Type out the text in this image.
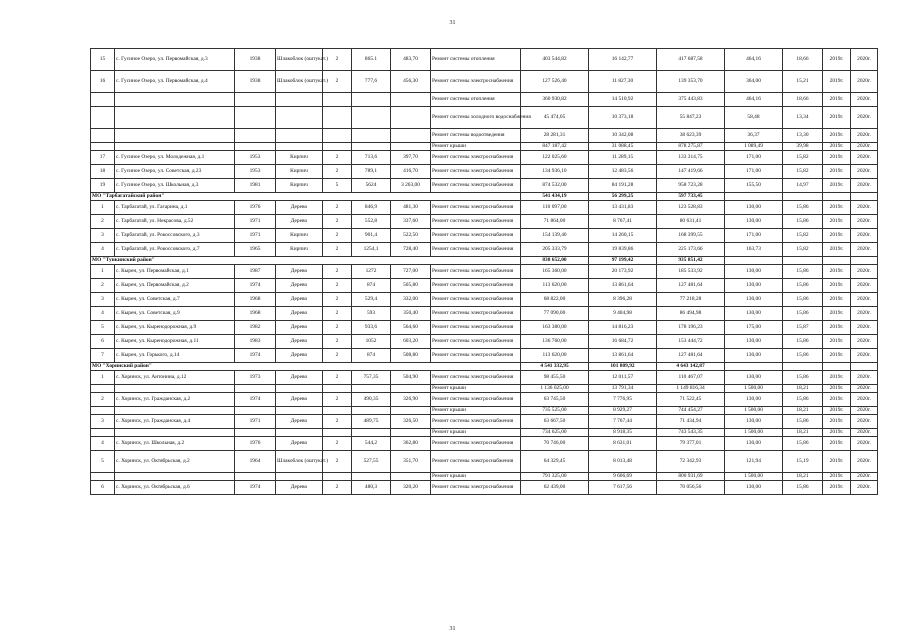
31
15	с. Гусиное Озеро, ул. Первомайская, д.3	1938	Шлакоблок (оштукат.)	2	865.1	483,70	Ремонт системы отопления	403 544,82	16 142,77	417 687,58	464,16	18,66	2019г.	2020г.
16	с. Гусиное Озеро, ул. Первомайская, д.4	1938	Шлакоблок (оштукат.)	2	777,6	456,30	Ремонт системы электроснабжения	127 526,40	11 827,30	139 353,70	364,00	15,21	2019г.	2020г.
							Ремонт системы отопления	360 930,82	14 510,92	375 443,83	464,16	18,66	2019г.	2020г.
							Ремонт системы холодного водоснабжения	45 474,05	10 373,18	55 847,23	58,48	13,34	2019г.	2020г.
							Ремонт системы водоотведения	28 281,31	10 342,08	38 623,39	36,37	13,30	2019г.	2020г.
							Ремонт крыши	847 187,42	31 088,45	878 275,87	1 089,49	39,98	2019г.	2020г.
17	с. Гусиное Озеро, ул. Молодежная, д.1	1953	Кирпич	2	713,6	397,70	Ремонт системы электроснабжения	122 025,60	11 289,15	133 314,75	171,00	15,82	2019г.	2020г.
18	с. Гусиное Озеро, ул. Советская, д.23	1953	Кирпич	2	789,1	416,70	Ремонт системы электроснабжения	134 936,10	12 483,56	147 419,66	171,00	15,82	2019г.	2020г.
19	с. Гусиное Озеро, ул. Школьная, д.3	1981	Кирпич	5	5624	3 263,00	Ремонт системы электроснабжения	874 532,00	84 191,28	958 723,28	155,50	14,97	2019г.	2020г.
МО "Тарбагатайский район"								541 434,19	56 299,25	597 733,45				
1	с. Тарбагатай, ул. Гагарина, д.1	1976	Дерево	2	846,9	481,30	Ремонт системы электроснабжения	110 097,00	13 431,83	123 528,83	130,00	15,86	2019г.	2020г.
2	с. Тарбагатай, ул. Некрасова, д.52	1971	Дерево	2	552,8	337,60	Ремонт системы электроснабжения	71 864,00	8 767,41	80 631,41	130,00	15,86	2019г.	2020г.
3	с. Тарбагатай, ул. Рокоссовского, д.3	1971	Кирпич	2	901,4	522,50	Ремонт системы электроснабжения	154 139,40	14 260,15	168 399,55	171,00	15,82	2019г.	2020г.
4	с. Тарбагатай, ул. Рокоссовского, д.7	1965	Кирпич	2	1254,1	728,40	Ремонт системы электроснабжения	205 333,79	19 839,86	225 173,66	163,73	15,82	2019г.	2020г.
МО "Тункинский район"								838 652,00	97 199,42	935 851,42				
1	с. Кырен, ул. Первомайская, д.1	1987	Дерево	2	1272	727,00	Ремонт системы электроснабжения	165 360,00	20 173,92	185 533,92	130,00	15,86	2019г.	2020г.
2	с. Кырен, ул. Первомайская, д.2	1974	Дерево	2	874	505,80	Ремонт системы электроснабжения	113 620,00	13 861,64	127 481,64	130,00	15,86	2019г.	2020г.
3	с. Кырен, ул. Советская, д.7	1968	Дерево	2	529,4	332,00	Ремонт системы электроснабжения	68 822,00	8 396,28	77 218,28	130,00	15,86	2019г.	2020г.
4	с. Кырен, ул. Советская, д.9	1968	Дерево	2	593	350,40	Ремонт системы электроснабжения	77 090,00	9 404,98	86 494,98	130,00	15,86	2019г.	2020г.
5	с. Кырен, ул. Кыренодорожная, д.9	1982	Дерево	2	933,6	564,60	Ремонт системы электроснабжения	163 380,00	14 816,23	178 196,23	175,00	15,87	2019г.	2020г.
6	с. Кырен, ул. Кыренодорожная, д.11	1983	Дерево	2	1052	603,20	Ремонт системы электроснабжения	136 760,00	16 684,72	153 444,72	130,00	15,86	2019г.	2020г.
7	с. Кырен, ул. Горького, д.14	1974	Дерево	2	874	508,80	Ремонт системы электроснабжения	113 620,00	13 861,64	127 481,64	130,00	15,86	2019г.	2020г.
МО "Хоринский район"								4 541 332,95	101 809,92	4 643 142,87				
1	с. Хоринск, ул. Антонина, д.12	1973	Дерево	2	757,35	504,90	Ремонт системы электроснабжения	98 455,50	12 011,57	110 467,07	130,00	15,86	2019г.	2020г.
							Ремонт крыши	1 136 025,00	13 791,34	1 149 816,34	1 500,00	18,21	2019г.	2020г.
2	с. Хоринск, ул. Гражданская, д.2	1974	Дерево	2	490,35	326,90	Ремонт системы электроснабжения	63 745,50	7 776,95	71 522,45	130,00	15,86	2019г.	2020г.
							Ремонт крыши	735 525,00	8 929,27	744 454,27	1 500,00	18,21	2019г.	2020г.
3	с. Хоринск, ул. Гражданская, д.4	1971	Дерево	2	489,75	326,50	Ремонт системы электроснабжения	63 667,50	7 767,44	71 434,94	130,00	15,86	2019г.	2020г.
							Ремонт крыши	734 625,00	8 918,35	743 543,35	1 500,00	18,21	2019г.	2020г.
4	с. Хоринск, ул. Школьная, д.2	1976	Дерево	2	544,2	362,80	Ремонт системы электроснабжения	70 746,00	8 631,01	79 377,01	130,00	15,86	2019г.	2020г.
5	с. Хоринск, ул. Октябрьская, д.2	1964	Шлакоблок (оштукат.)	2	527,55	351,70	Ремонт системы электроснабжения	64 329,45	8 013,48	72 342,93	121,94	15,19	2019г.	2020г.
							Ремонт крыши	791 325,00	9 606,69	800 931,69	1 500,00	18,21	2019г.	2020г.
6	с. Хоринск, ул. Октябрьская, д.6	1974	Дерево	2	480,3	320,20	Ремонт системы электроснабжения	62 439,00	7 617,56	70 056,56	130,00	15,86	2019г.	2020г.
31
